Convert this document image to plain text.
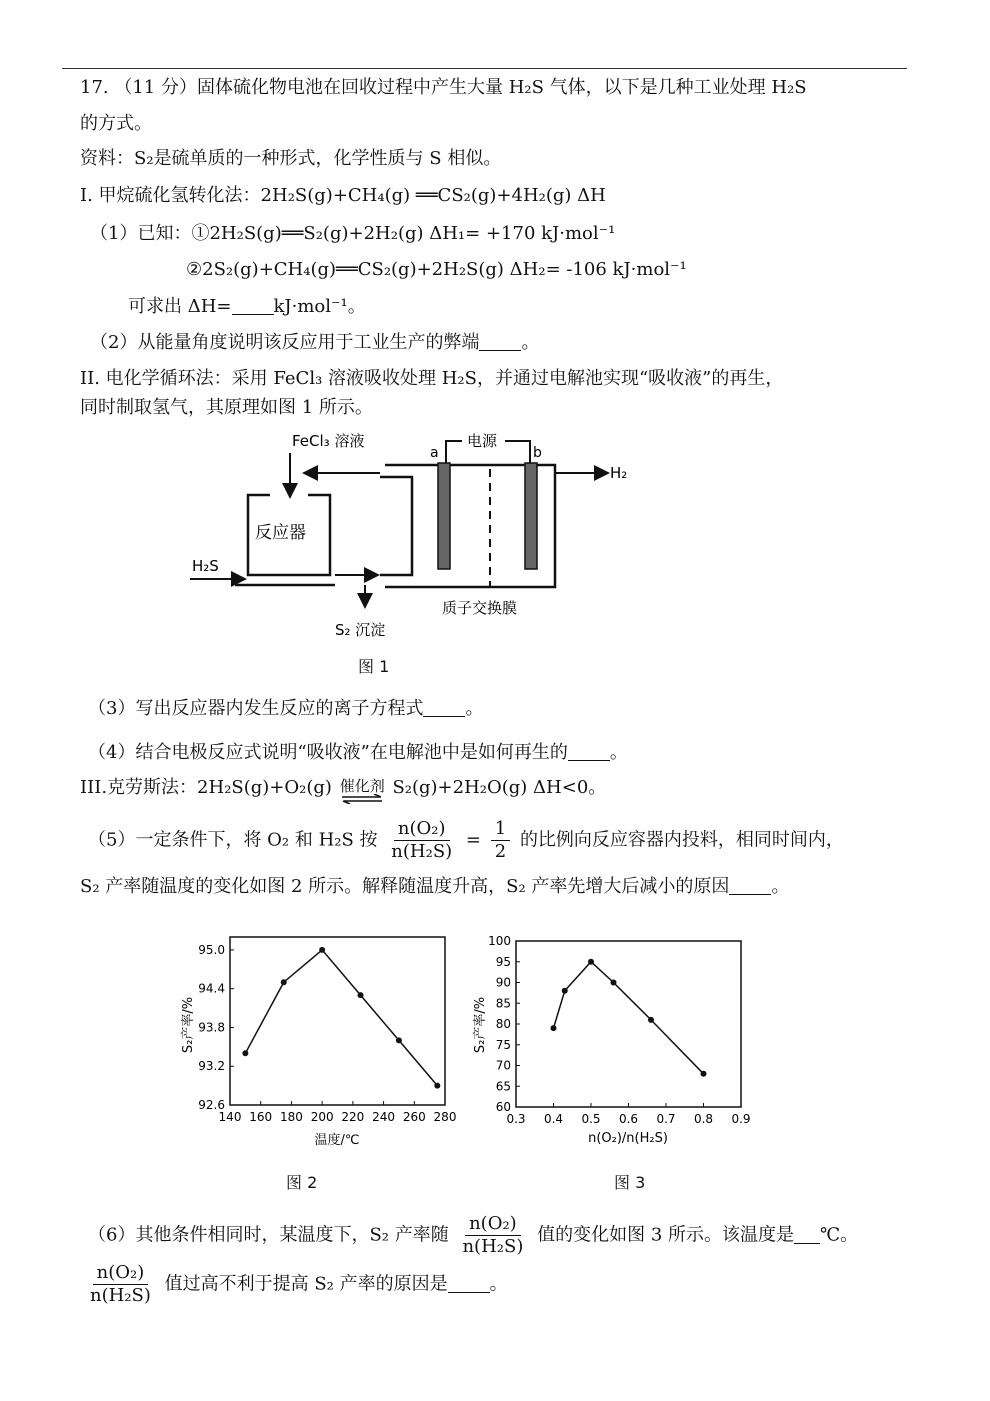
17. （11 分）固体硫化物电池在回收过程中产生大量 H₂S 气体，以下是几种工业处理 H₂S
的方式。
资料：S₂是硫单质的一种形式，化学性质与 S 相似。
I. 甲烷硫化氢转化法：2H₂S(g)+CH₄(g) ══CS₂(g)+4H₂(g) ΔH
（1）已知：①2H₂S(g)══S₂(g)+2H₂(g) ΔH₁= +170 kJ·mol⁻¹
②2S₂(g)+CH₄(g)══CS₂(g)+2H₂S(g) ΔH₂= -106 kJ·mol⁻¹
可求出 ΔH= kJ·mol⁻¹。
（2）从能量角度说明该反应用于工业生产的弊端 。
II. 电化学循环法：采用 FeCl₃ 溶液吸收处理 H₂S，并通过电解池实现“吸收液”的再生，
同时制取氢气，其原理如图 1 所示。
FeCl₃ 溶液
反应器
H₂S
S₂ 沉淀
H₂
电源
a	b
质子交换膜
图 1
（3）写出反应器内发生反应的离子方程式 。
（4）结合电极反应式说明“吸收液”在电解池中是如何再生的 。
III.克劳斯法：2H₂S(g)+O₂(g) 催化剂 S₂(g)+2H₂O(g) ΔH<0。
（5）一定条件下，将 O₂ 和 H₂S 按 $\frac{\text{n(O₂)}}{\text{n(H₂S)}} = \frac{1}{2}$ 的比例向反应容器内投料，相同时间内，
S₂ 产率随温度的变化如图 2 所示。解释随温度升高，S₂ 产率先增大后减小的原因 。
140 160 180 200 220 240 260 280
92.6
93.2
93.8
94.4
95.0
S₂产率/%
温度/℃
图 2
0.3 0.4 0.5 0.6 0.7 0.8 0.9
60
65
70
75
80
85
90
95
100
S₂产率/%
n(O₂)/n(H₂S)
图 3
（6）其他条件相同时，某温度下，S₂ 产率随 $\frac{\text{n(O₂)}}{\text{n(H₂S)}}$ 值的变化如图 3 所示。该温度是 ℃。
$\frac{\text{n(O₂)}}{\text{n(H₂S)}}$ 值过高不利于提高 S₂ 产率的原因是 。
